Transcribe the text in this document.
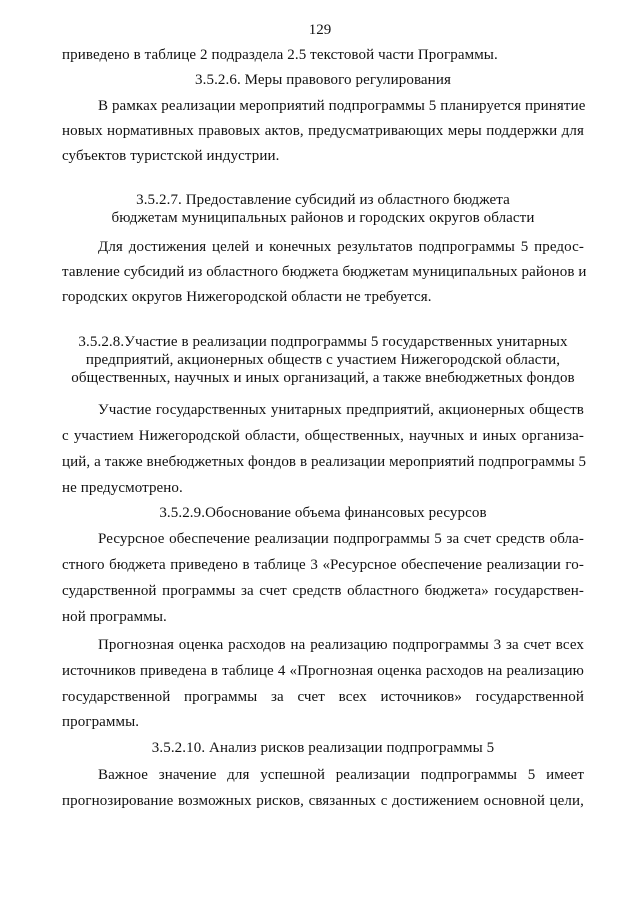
129
приведено в таблице 2 подраздела 2.5 текстовой части Программы.
3.5.2.6. Меры правового регулирования
В рамках реализации мероприятий подпрограммы 5 планируется принятие
новых нормативных правовых актов, предусматривающих меры поддержки для
субъектов туристской индустрии.
3.5.2.7. Предоставление субсидий из областного бюджета
бюджетам муниципальных районов и городских округов области
Для достижения целей и конечных результатов подпрограммы 5 предос-
тавление субсидий из областного бюджета бюджетам муниципальных районов и
городских округов Нижегородской области не требуется.
3.5.2.8.Участие в реализации подпрограммы 5 государственных унитарных
предприятий, акционерных обществ с участием Нижегородской области,
общественных, научных и иных организаций, а также внебюджетных фондов
Участие государственных унитарных предприятий, акционерных обществ
с участием Нижегородской области, общественных, научных и иных организа-
ций, а также внебюджетных фондов в реализации мероприятий подпрограммы 5
не предусмотрено.
3.5.2.9.Обоснование объема финансовых ресурсов
Ресурсное обеспечение реализации подпрограммы 5 за счет средств обла-
стного бюджета приведено в таблице 3 «Ресурсное обеспечение реализации го-
сударственной программы за счет средств областного бюджета» государствен-
ной программы.
Прогнозная оценка расходов на реализацию подпрограммы 3 за счет всех
источников приведена в таблице 4 «Прогнозная оценка расходов на реализацию
государственной программы за счет всех источников» государственной
программы.
3.5.2.10. Анализ рисков реализации подпрограммы 5
Важное значение для успешной реализации подпрограммы 5 имеет
прогнозирование возможных рисков, связанных с достижением основной цели,
